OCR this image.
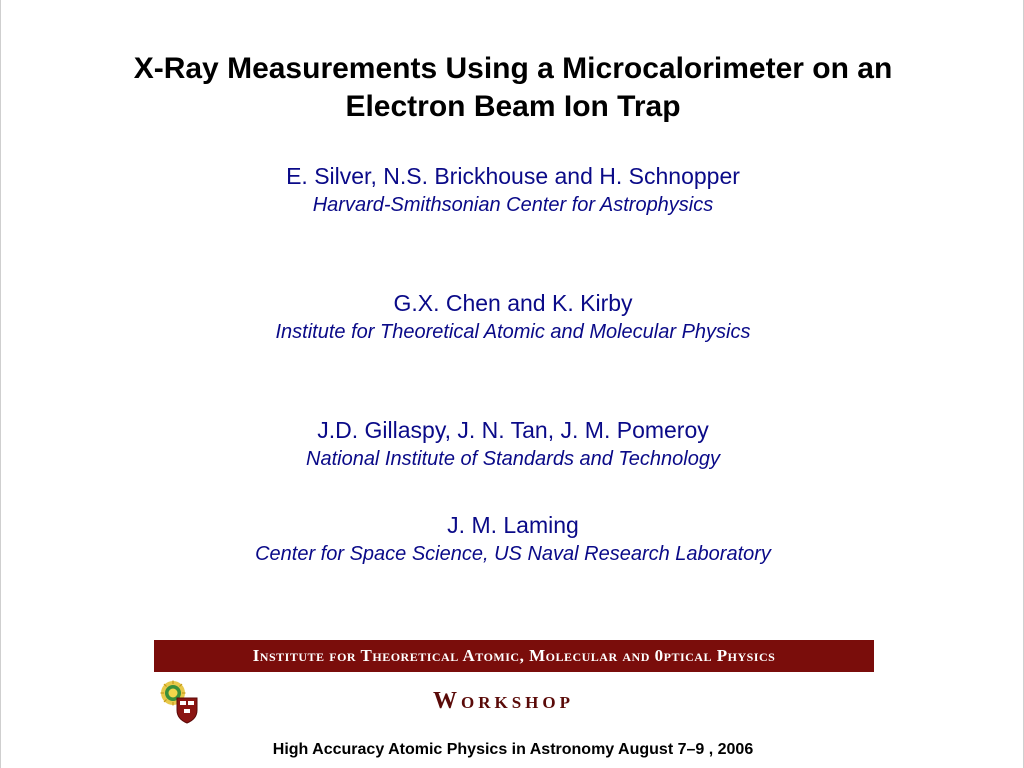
X-Ray Measurements Using a Microcalorimeter on an
Electron Beam Ion Trap
E. Silver, N.S. Brickhouse and H. Schnopper
Harvard-Smithsonian Center for Astrophysics
G.X. Chen and K. Kirby
Institute for Theoretical Atomic and Molecular Physics
J.D. Gillaspy, J. N. Tan, J. M. Pomeroy
National Institute of Standards and Technology
J. M. Laming
Center for Space Science, US Naval Research Laboratory
Institute for Theoretical Atomic, Molecular and 0ptical Physics
Workshop
High Accuracy Atomic Physics in Astronomy August 7–9 , 2006
